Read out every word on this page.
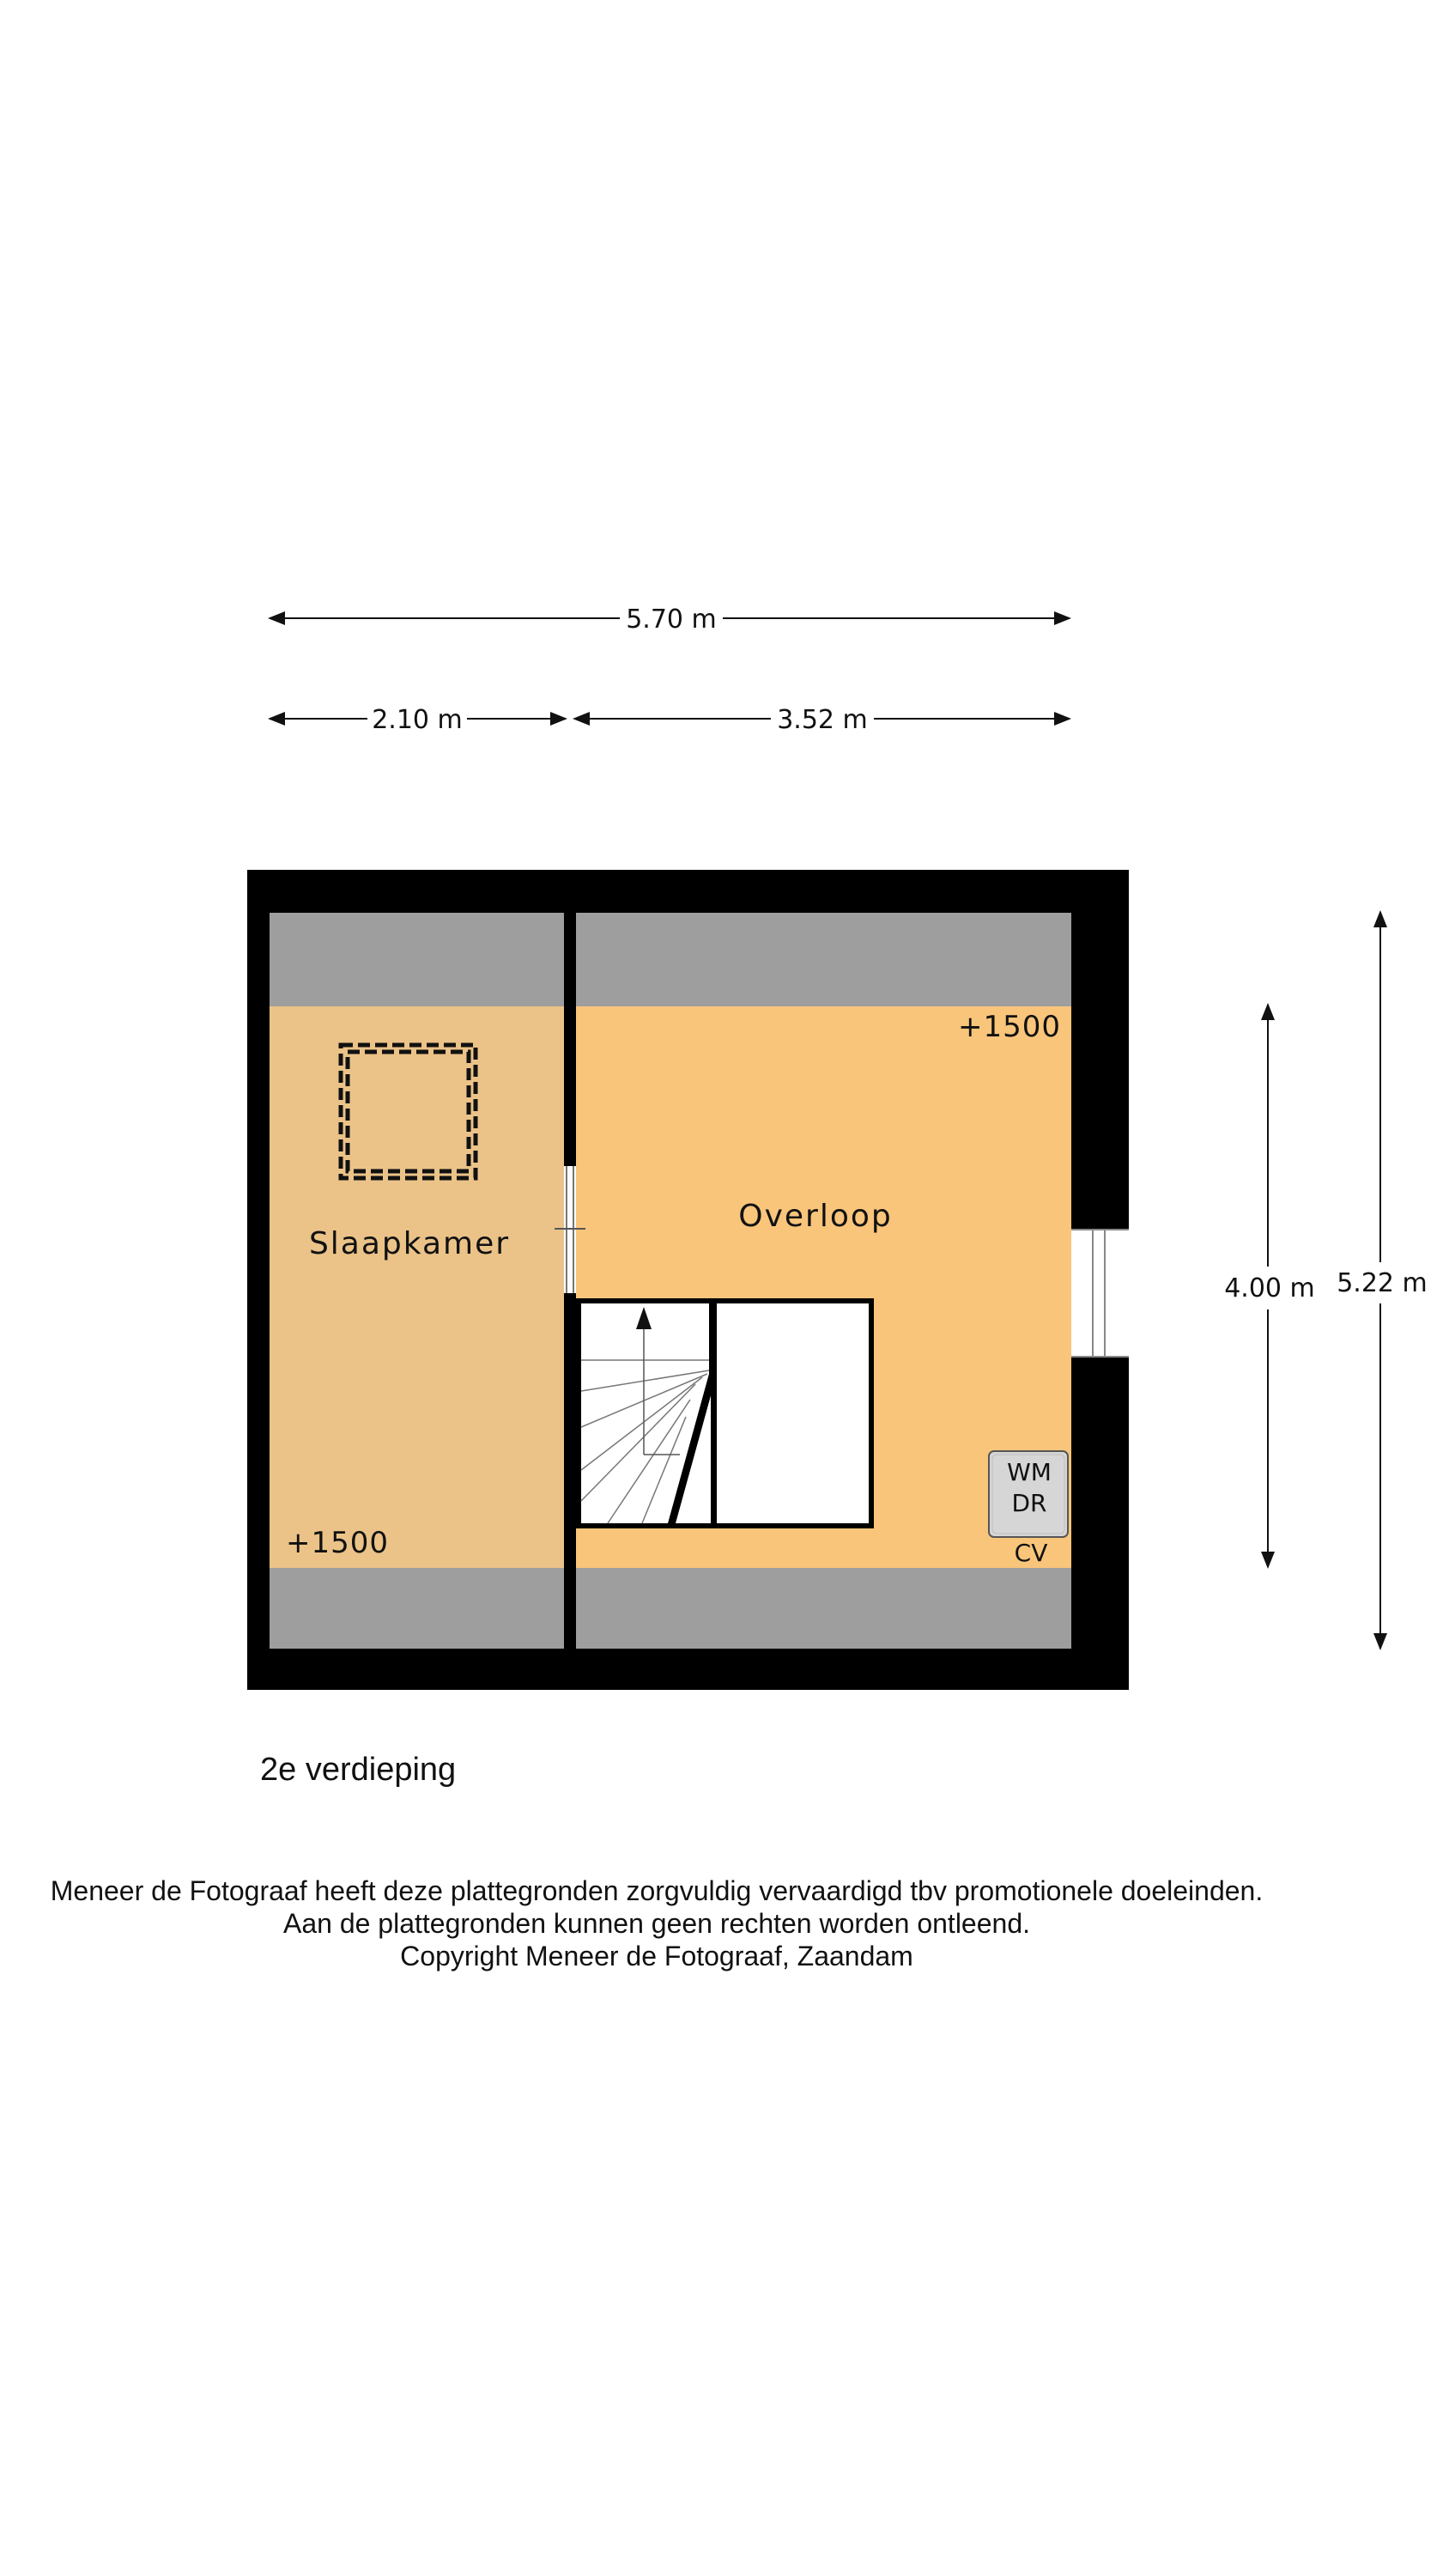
5.70 m
2.10 m	3.52 m
4.00 m 5.22 m
WM
DR
CV
Slaapkamer
Overloop
+1500
+1500
2e verdieping
Meneer de Fotograaf heeft deze plattegronden zorgvuldig vervaardigd tbv promotionele doeleinden.
Aan de plattegronden kunnen geen rechten worden ontleend.
Copyright Meneer de Fotograaf, Zaandam
